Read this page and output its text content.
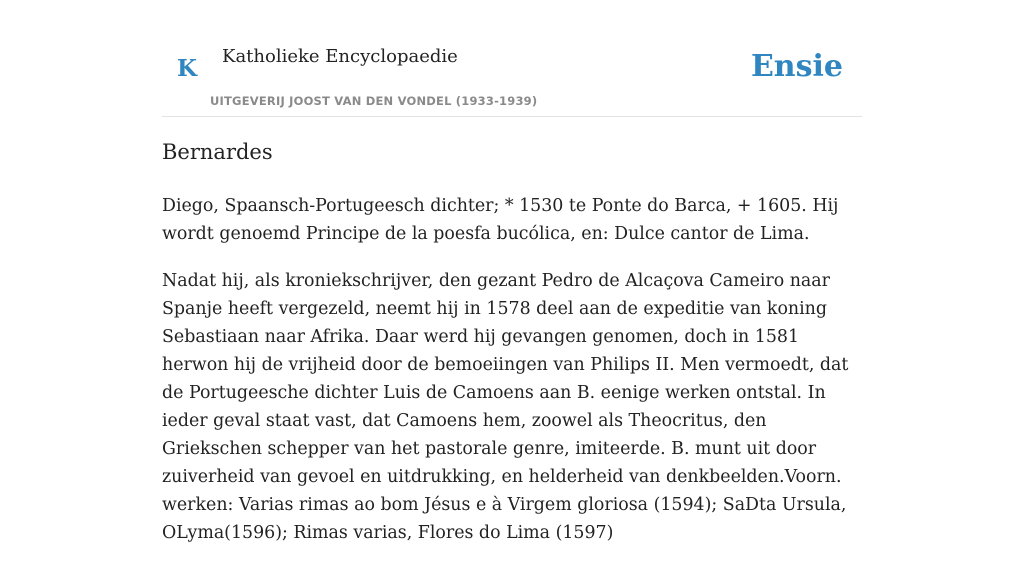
K Katholieke Encyclopaedie
UITGEVERIJ JOOST VAN DEN VONDEL (1933-1939)
Ensie
Bernardes

Diego, Spaansch-Portugeesch dichter; * 1530 te Ponte do Barca, + 1605. Hij wordt genoemd Principe de la poesfa bucólica, en: Dulce cantor de Lima.

Nadat hij, als kroniekschrijver, den gezant Pedro de Alcaçova Cameiro naar Spanje heeft vergezeld, neemt hij in 1578 deel aan de expeditie van koning Sebastiaan naar Afrika. Daar werd hij gevangen genomen, doch in 1581 herwon hij de vrijheid door de bemoeiingen van Philips II. Men vermoedt, dat de Portugeesche dichter Luis de Camoens aan B. eenige werken ontstal. In ieder geval staat vast, dat Camoens hem, zoowel als Theocritus, den Griekschen schepper van het pastorale genre, imiteerde. B. munt uit door zuiverheid van gevoel en uitdrukking, en helderheid van denkbeelden.Voorn. werken: Varias rimas ao bom Jésus e à Virgem gloriosa (1594); SaDta Ursula, OLyma(1596); Rimas varias, Flores do Lima (1597)
